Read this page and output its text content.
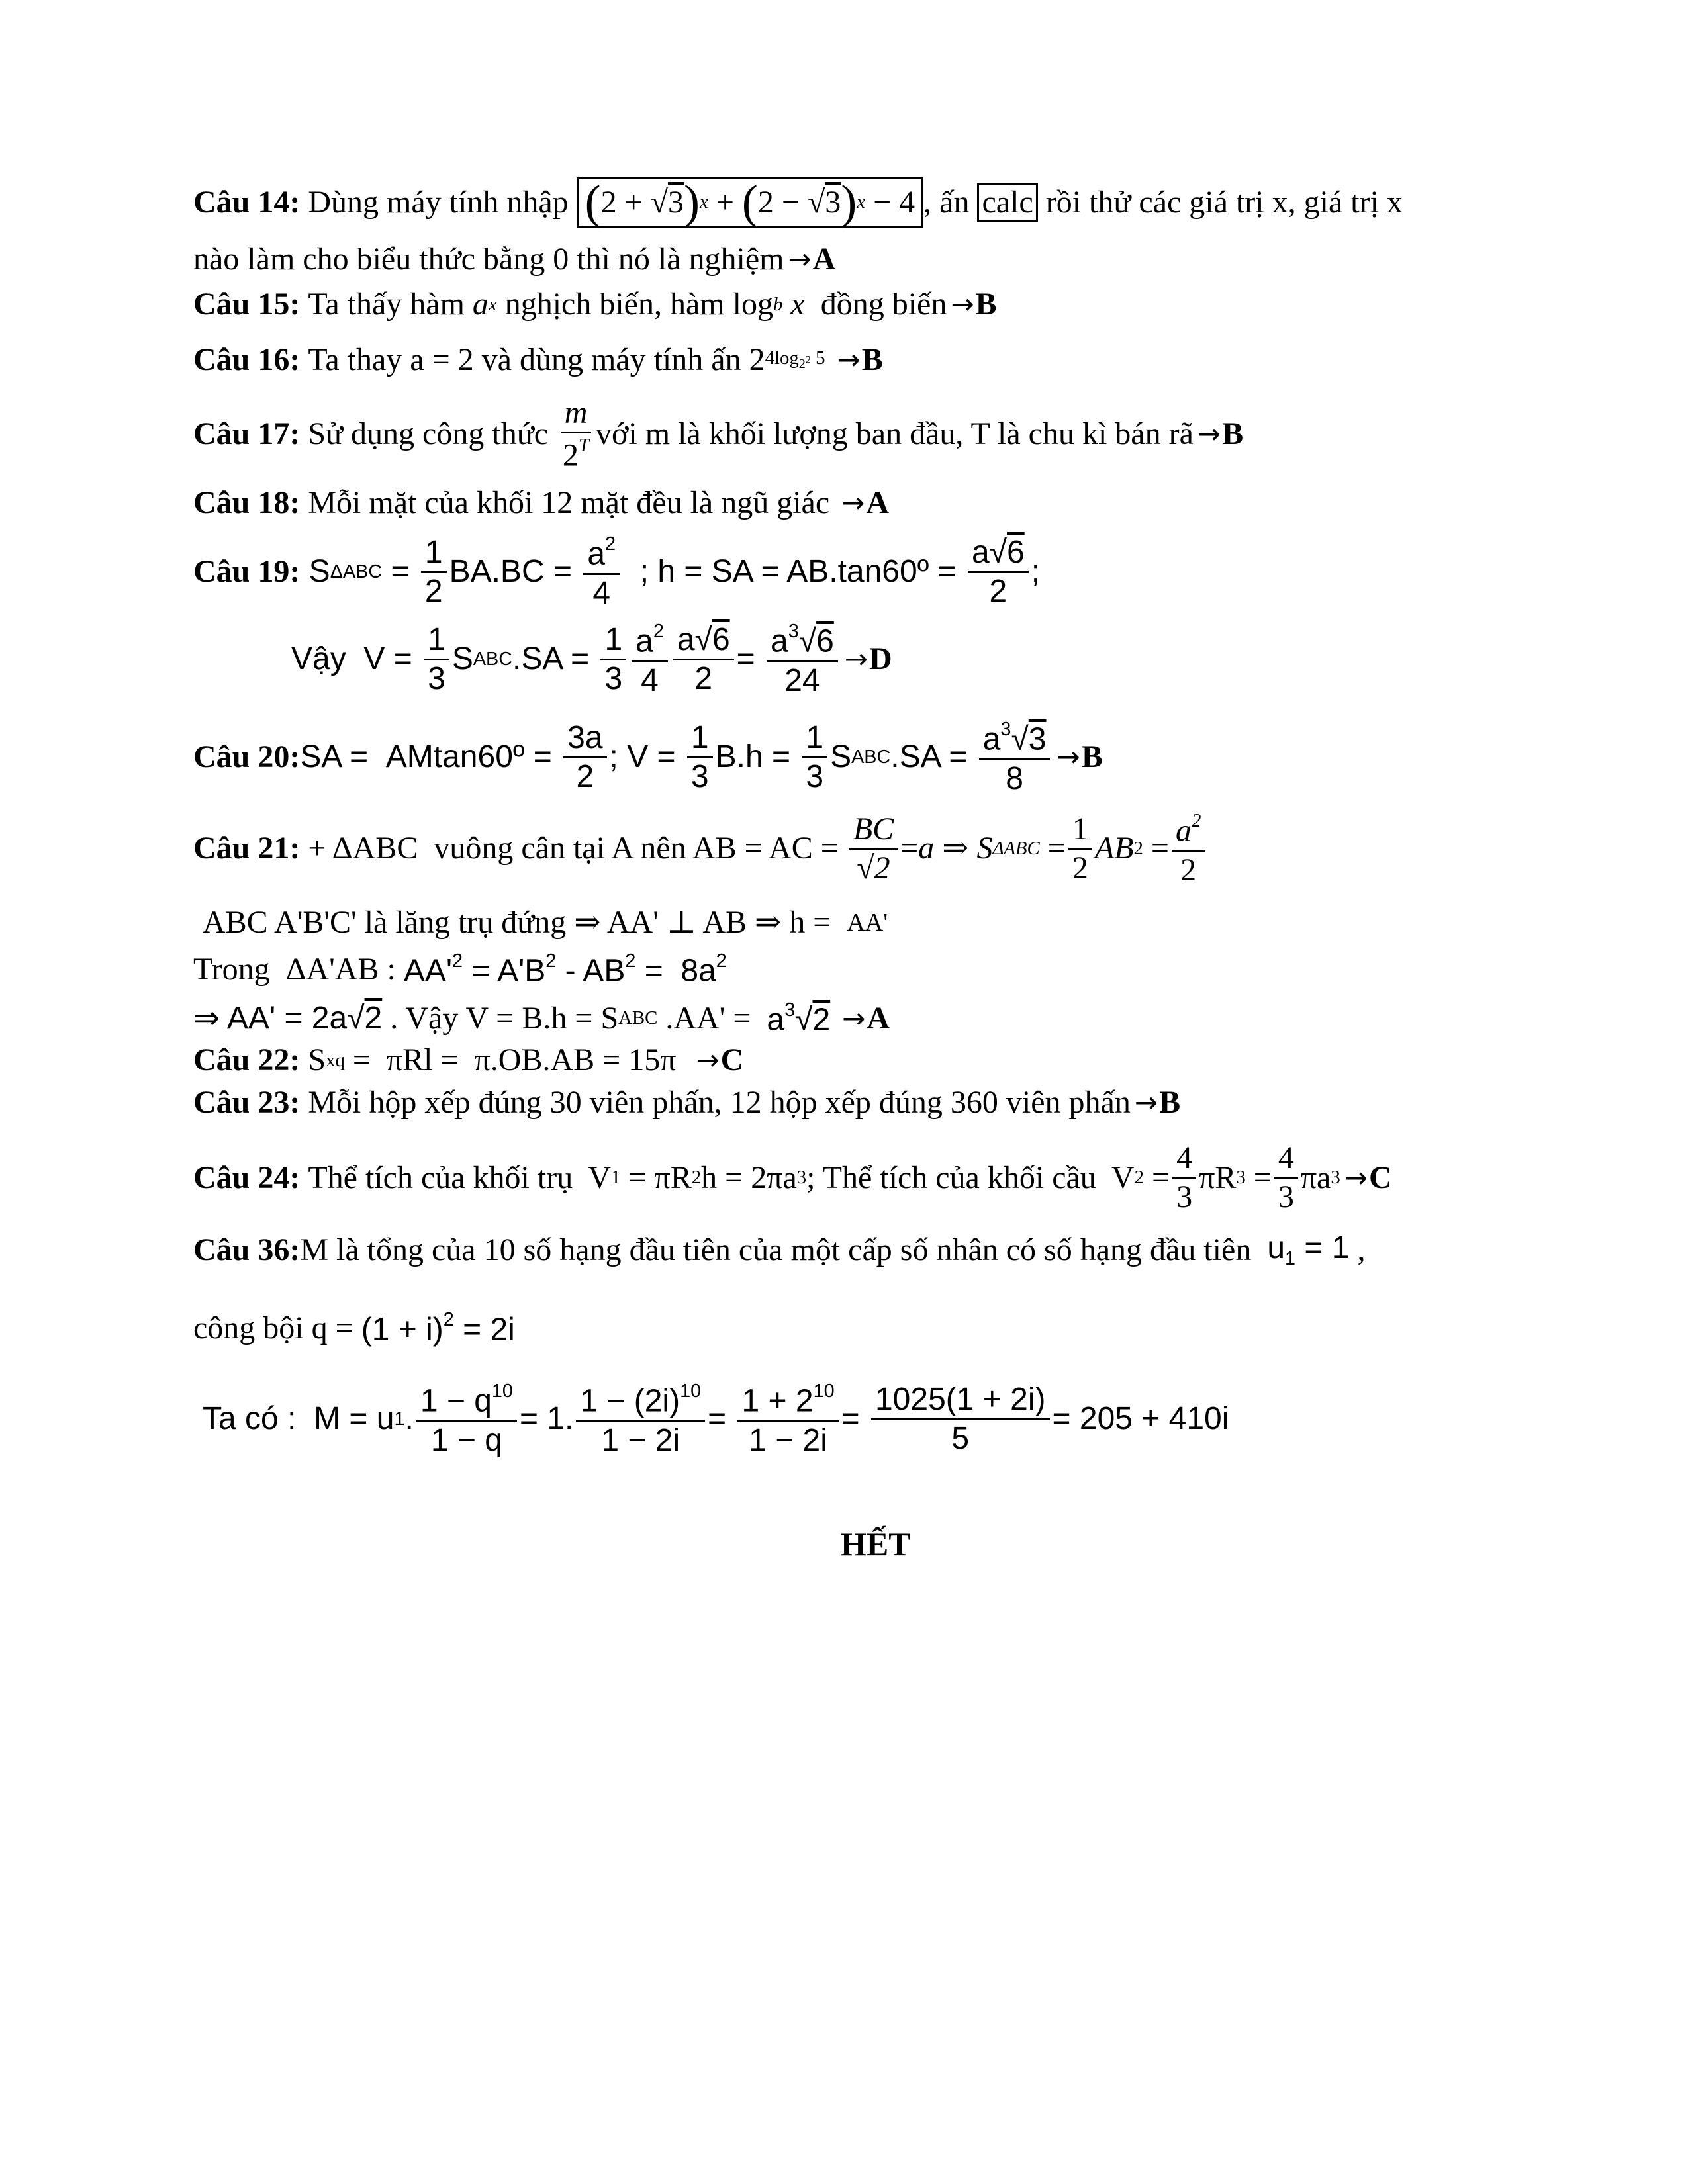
Câu 14:
Dùng máy tính nhập
( 2 + √ 3 ) x + ( 2 − √ 3 ) x − 4 , ấn
calc
rồi thử các giá trị x, giá trị x
nào làm cho biểu thức bằng 0 thì nó là nghiệm → A
Câu 15:
Ta thấy hàm
a x
nghịch biến, hàm log b
x
đồng biến → B
Câu 16:
Ta thay a = 2 và dùng máy tính ấn 2 $4\log_{2^2}$ 5
→ B
Câu 17:
Sử dụng công thức
$\frac{m}{2^T}$ với m là khối lượng ban đầu, T là chu kì bán rã → B
Câu 18:
Mỗi mặt của khối 12 mặt đều là ngũ giác
→ A
Câu 19: S $\Delta ABC = \frac{1}{2} BA.BC = \frac{a^2}{4}$ ; h = SA = AB.tan60º = $\frac{a√6}{2}$ ;
Vậy  $V = \frac{1}{3}$ S ABC $.SA = \frac{1}{3} \frac{a^2}{4} \frac{a√6}{2} = \frac{a^3√6}{24} \to D$
Câu 20: SA =  AMtan60º = $\frac{3a}{2}$ ; $V = \frac{1}{3} B.h = \frac{1}{3}$ S ABC $.SA = \frac{a^3√3}{8} \to B$
Câu 21: + ΔABC  vuông cân tại A nên AB = AC = $\frac{BC}{√2} = a$ ⇒ S $\Delta ABC = \frac{1}{2}$ AB $2 = \frac{a^2}{2}$
ABC A'B'C' là lăng trụ đứng ⇒ AA' ⊥ AB ⇒ h = AA'
Trong  ΔA'AB : $AA'^2 = A'B^2 - AB^2 = 8a^2$
⇒ AA' = 2a√2 . Vậy V = B.h = S ABC $.AA' = a^3√2$
→ A
Câu 22: S xq =  πRl =  π.OB.AB = 15π → C
Câu 23:
Mỗi hộp xếp đúng 30 viên phấn, 12 hộp xếp đúng 360 viên phấn → B
Câu 24:
Thể tích của khối trụ V 1 = πR 2 h = 2πa 3 ; Thể tích của khối cầu V $2 = \frac{4}{3}$ πR $3 = \frac{4}{3}$ πa 3 → C
Câu 36: M là tổng của 10 số hạng đầu tiên của một cấp số nhân có số hạng đầu tiên
$u_1 = 1$ ,
công bội q =
$(1 + i)^2 = 2i$
Ta có :  M = u 1 . $\frac{1 - q^{10}}{1 - q} = 1$. $\frac{1 - (2i)^{10}}{1 - 2i} = \frac{1 + 2^{10}}{1 - 2i} = \frac{1025(1 + 2i)}{5} = 205 + 410i$
HẾT
